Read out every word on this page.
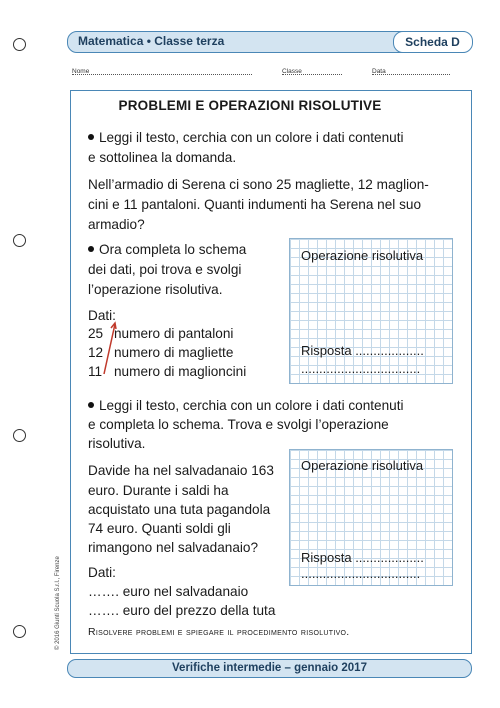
Matematica • Classe terza	Scheda D
Nome	Classe	Data
PROBLEMI E OPERAZIONI RISOLUTIVE
Leggi il testo, cerchia con un colore i dati contenuti
e sottolinea la domanda.
Nell’armadio di Serena ci sono 25 magliette, 12 maglion-
cini e 11 pantaloni. Quanti indumenti ha Serena nel suo
armadio?
Ora completa lo schema
dei dati, poi trova e svolgi
l’operazione risolutiva.
Dati:
25 numero di pantaloni
12 numero di magliette
11 numero di maglioncini
Operazione risolutiva
Risposta ...................
.................................
Leggi il testo, cerchia con un colore i dati contenuti
e completa lo schema. Trova e svolgi l’operazione
risolutiva.
Davide ha nel salvadanaio 163
euro. Durante i saldi ha
acquistato una tuta pagandola
74 euro. Quanti soldi gli
rimangono nel salvadanaio?
Dati:
……. euro nel salvadanaio
……. euro del prezzo della tuta
Operazione risolutiva
Risposta ...................
.................................
Risolvere problemi e spiegare il procedimento risolutivo.
© 2016 Giunti Scuola S.r.l., Firenze
Verifiche intermedie – gennaio 2017
